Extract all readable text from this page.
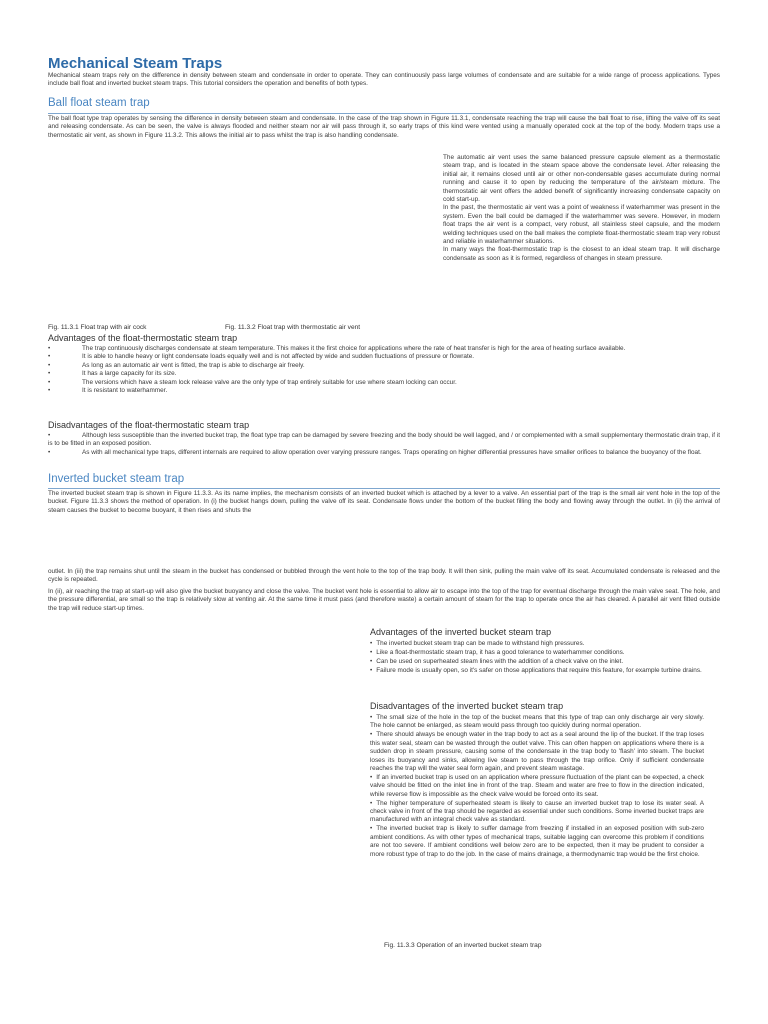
Mechanical Steam Traps
Mechanical steam traps rely on the difference in density between steam and condensate in order to operate. They can continuously pass large volumes of condensate and are suitable for a wide range of process applications. Types include ball float and inverted bucket steam traps. This tutorial considers the operation and benefits of both types.
Ball float steam trap
The ball float type trap operates by sensing the difference in density between steam and condensate. In the case of the trap shown in Figure 11.3.1, condensate reaching the trap will cause the ball float to rise, lifting the valve off its seat and releasing condensate. As can be seen, the valve is always flooded and neither steam nor air will pass through it, so early traps of this kind were vented using a manually operated cock at the top of the body. Modern traps use a thermostatic air vent, as shown in Figure 11.3.2. This allows the initial air to pass whilst the trap is also handling condensate.
The automatic air vent uses the same balanced pressure capsule element as a thermostatic steam trap, and is located in the steam space above the condensate level. After releasing the initial air, it remains closed until air or other non-condensable gases accumulate during normal running and cause it to open by reducing the temperature of the air/steam mixture. The thermostatic air vent offers the added benefit of significantly increasing condensate capacity on cold start-up.
In the past, the thermostatic air vent was a point of weakness if waterhammer was present in the system. Even the ball could be damaged if the waterhammer was severe. However, in modern float traps the air vent is a compact, very robust, all stainless steel capsule, and the modern welding techniques used on the ball makes the complete float-thermostatic steam trap very robust and reliable in waterhammer situations.
In many ways the float-thermostatic trap is the closest to an ideal steam trap. It will discharge condensate as soon as it is formed, regardless of changes in steam pressure.
Fig. 11.3.1 Float trap with air cock	Fig. 11.3.2 Float trap with thermostatic air vent
Advantages of the float-thermostatic steam trap
•	The trap continuously discharges condensate at steam temperature. This makes it the first choice for applications where the rate of heat transfer is high for the area of heating surface available.
•	It is able to handle heavy or light condensate loads equally well and is not affected by wide and sudden fluctuations of pressure or flowrate.
•	As long as an automatic air vent is fitted, the trap is able to discharge air freely.
•	It has a large capacity for its size.
•	The versions which have a steam lock release valve are the only type of trap entirely suitable for use where steam locking can occur.
•	It is resistant to waterhammer.
Disadvantages of the float-thermostatic steam trap
•	Although less susceptible than the inverted bucket trap, the float type trap can be damaged by severe freezing and the body should be well lagged, and / or complemented with a small supplementary thermostatic drain trap, if it is to be fitted in an exposed position.
•	As with all mechanical type traps, different internals are required to allow operation over varying pressure ranges. Traps operating on higher differential pressures have smaller orifices to balance the buoyancy of the float.
Inverted bucket steam trap
The inverted bucket steam trap is shown in Figure 11.3.3. As its name implies, the mechanism consists of an inverted bucket which is attached by a lever to a valve. An essential part of the trap is the small air vent hole in the top of the bucket. Figure 11.3.3 shows the method of operation. In (i) the bucket hangs down, pulling the valve off its seat. Condensate flows under the bottom of the bucket filling the body and flowing away through the outlet. In (ii) the arrival of steam causes the bucket to become buoyant, it then rises and shuts the
outlet. In (iii) the trap remains shut until the steam in the bucket has condensed or bubbled through the vent hole to the top of the trap body. It will then sink, pulling the main valve off its seat. Accumulated condensate is released and the cycle is repeated.
In (ii), air reaching the trap at start-up will also give the bucket buoyancy and close the valve. The bucket vent hole is essential to allow air to escape into the top of the trap for eventual discharge through the main valve seat. The hole, and the pressure differential, are small so the trap is relatively slow at venting air. At the same time it must pass (and therefore waste) a certain amount of steam for the trap to operate once the air has cleared. A parallel air vent fitted outside the trap will reduce start-up times.
Advantages of the inverted bucket steam trap
• The inverted bucket steam trap can be made to withstand high pressures.
• Like a float-thermostatic steam trap, it has a good tolerance to waterhammer conditions.
• Can be used on superheated steam lines with the addition of a check valve on the inlet.
• Failure mode is usually open, so it's safer on those applications that require this feature, for example turbine drains.
Disadvantages of the inverted bucket steam trap
• The small size of the hole in the top of the bucket means that this type of trap can only discharge air very slowly. The hole cannot be enlarged, as steam would pass through too quickly during normal operation.
• There should always be enough water in the trap body to act as a seal around the lip of the bucket. If the trap loses this water seal, steam can be wasted through the outlet valve. This can often happen on applications where there is a sudden drop in steam pressure, causing some of the condensate in the trap body to 'flash' into steam. The bucket loses its buoyancy and sinks, allowing live steam to pass through the trap orifice. Only if sufficient condensate reaches the trap will the water seal form again, and prevent steam wastage.
• If an inverted bucket trap is used on an application where pressure fluctuation of the plant can be expected, a check valve should be fitted on the inlet line in front of the trap. Steam and water are free to flow in the direction indicated, while reverse flow is impossible as the check valve would be forced onto its seat.
• The higher temperature of superheated steam is likely to cause an inverted bucket trap to lose its water seal. A check valve in front of the trap should be regarded as essential under such conditions. Some inverted bucket traps are manufactured with an integral check valve as standard.
• The inverted bucket trap is likely to suffer damage from freezing if installed in an exposed position with sub-zero ambient conditions. As with other types of mechanical traps, suitable lagging can overcome this problem if conditions are not too severe. If ambient conditions well below zero are to be expected, then it may be prudent to consider a more robust type of trap to do the job. In the case of mains drainage, a thermodynamic trap would be the first choice.
Fig. 11.3.3 Operation of an inverted bucket steam trap
